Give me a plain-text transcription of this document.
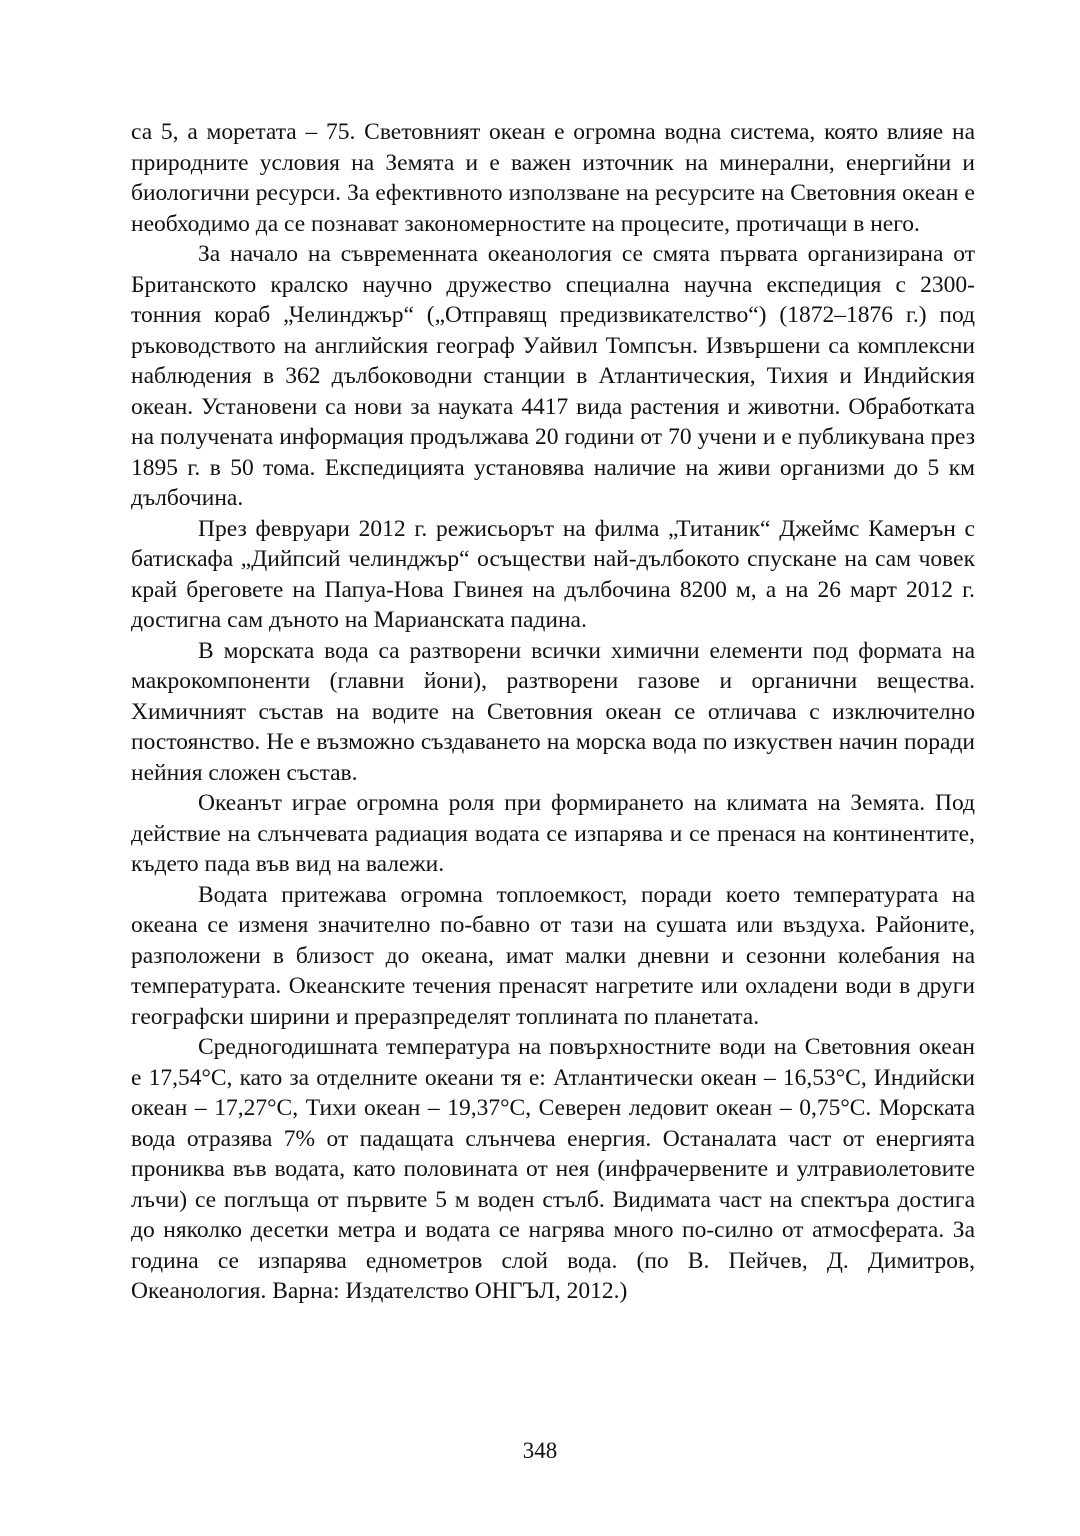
са 5, а моретата – 75. Световният океан е огромна водна система, която влияе на природните условия на Земята и е важен източник на минерални, енергийни и биологични ресурси. За ефективното използване на ресурсите на Световния океан е необходимо да се познават закономерностите на процесите, протичащи в него.

За начало на съвременната океанология се смята първата организирана от Британското кралско научно дружество специална научна експедиция с 2300-тонния кораб „Челинджър“ („Отправящ предизвикателство“) (1872–1876 г.) под ръководството на английския географ Уайвил Томпсън. Извършени са комплексни наблюдения в 362 дълбоководни станции в Атлантическия, Тихия и Индийския океан. Установени са нови за науката 4417 вида растения и животни. Обработката на получената информация продължава 20 години от 70 учени и е публикувана през 1895 г. в 50 тома. Експедицията установява наличие на живи организми до 5 км дълбочина.

През февруари 2012 г. режисьорът на филма „Титаник“ Джеймс Камерън с батискафа „Дийпсий челинджър“ осъществи най-дълбокото спускане на сам човек край бреговете на Папуа-Нова Гвинея на дълбочина 8200 м, а на 26 март 2012 г. достигна сам дъното на Марианската падина.

В морската вода са разтворени всички химични елементи под формата на макрокомпоненти (главни йони), разтворени газове и органични вещества. Химичният състав на водите на Световния океан се отличава с изключително постоянство. Не е възможно създаването на морска вода по изкуствен начин поради нейния сложен състав.

Океанът играе огромна роля при формирането на климата на Земята. Под действие на слънчевата радиация водата се изпарява и се пренася на континентите, където пада във вид на валежи.

Водата притежава огромна топлоемкост, поради което температурата на океана се изменя значително по-бавно от тази на сушата или въздуха. Районите, разположени в близост до океана, имат малки дневни и сезонни колебания на температурата. Океанските течения пренасят нагретите или охладени води в други географски ширини и преразпределят топлината по планетата.

Средногодишната температура на повърхностните води на Световния океан е 17,54°С, като за отделните океани тя е: Атлантически океан – 16,53°С, Индийски океан – 17,27°С, Тихи океан – 19,37°С, Северен ледовит океан – 0,75°С. Морската вода отразява 7% от падащата слънчева енергия. Останалата част от енергията прониква във водата, като половината от нея (инфрачервените и ултравиолетовите лъчи) се поглъща от първите 5 м воден стълб. Видимата част на спектъра достига до няколко десетки метра и водата се нагрява много по-силно от атмосферата. За година се изпарява еднометров слой вода. (по В. Пейчев, Д. Димитров, Океанология. Варна: Издателство ОНГЪЛ, 2012.)

348
